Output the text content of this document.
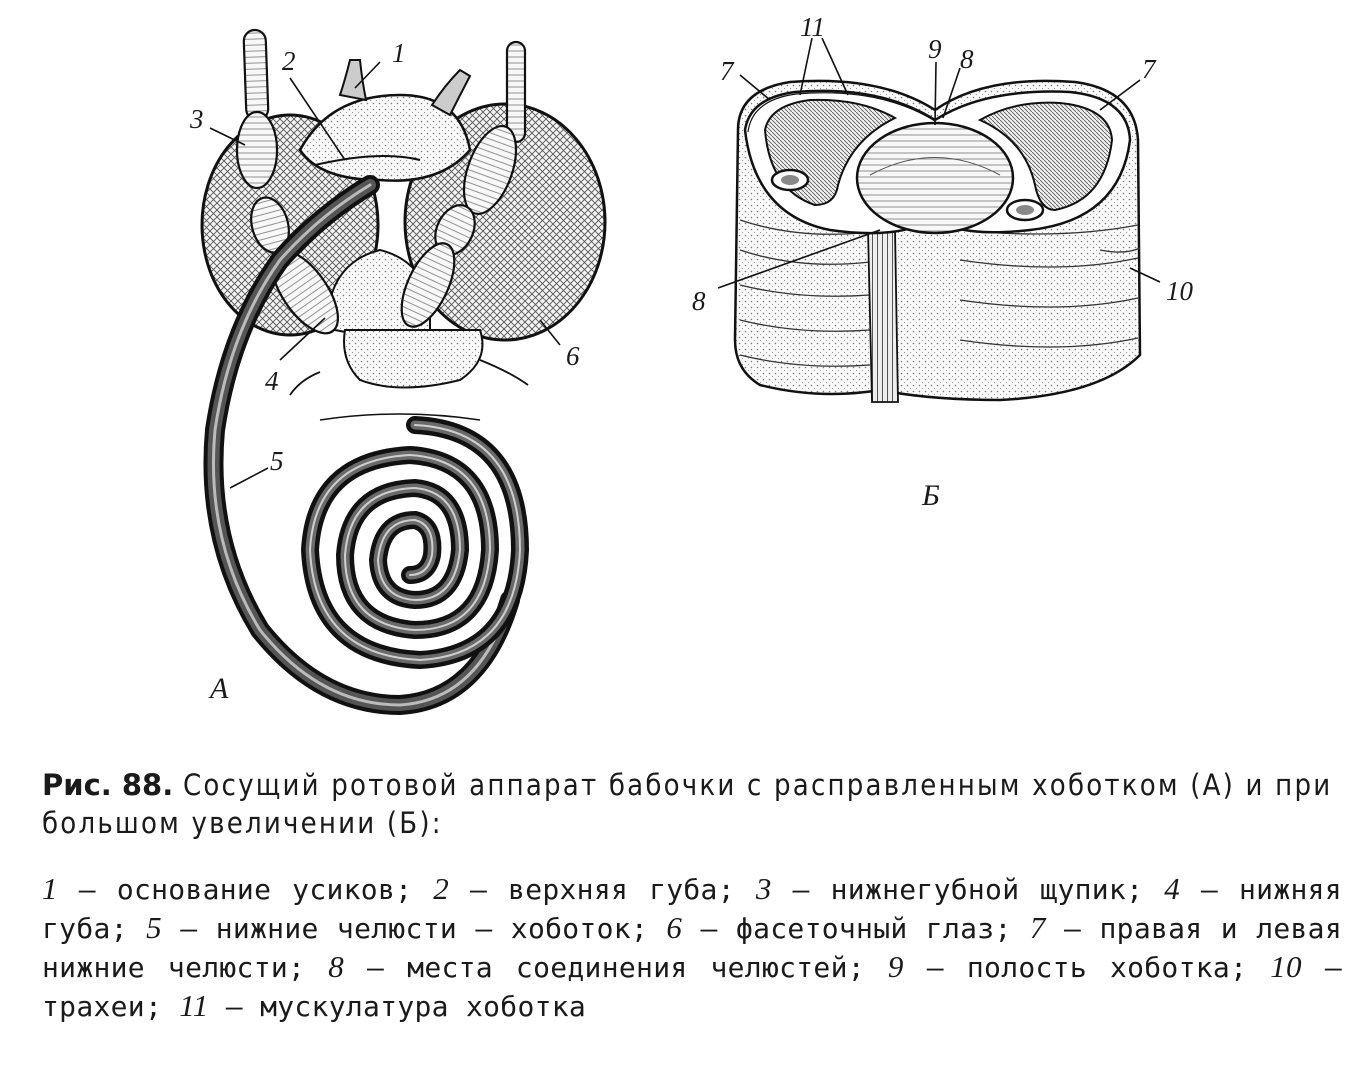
1
2
3
4
5
6
А
11
7
9 8	7
8	10
Б
Рис. 88. Сосущий ротовой аппарат бабочки с расправленным хоботком (А) и при большом увеличении (Б):
1 — основание усиков; 2 — верхняя губа; 3 — нижнегубной щупик; 4 — нижняя губа; 5 — нижние челюсти — хоботок; 6 — фасеточный глаз; 7 — правая и левая нижние челюсти; 8 — места соединения челюстей; 9 — полость хоботка; 10 — трахеи; 11 — мускулатура хоботка
